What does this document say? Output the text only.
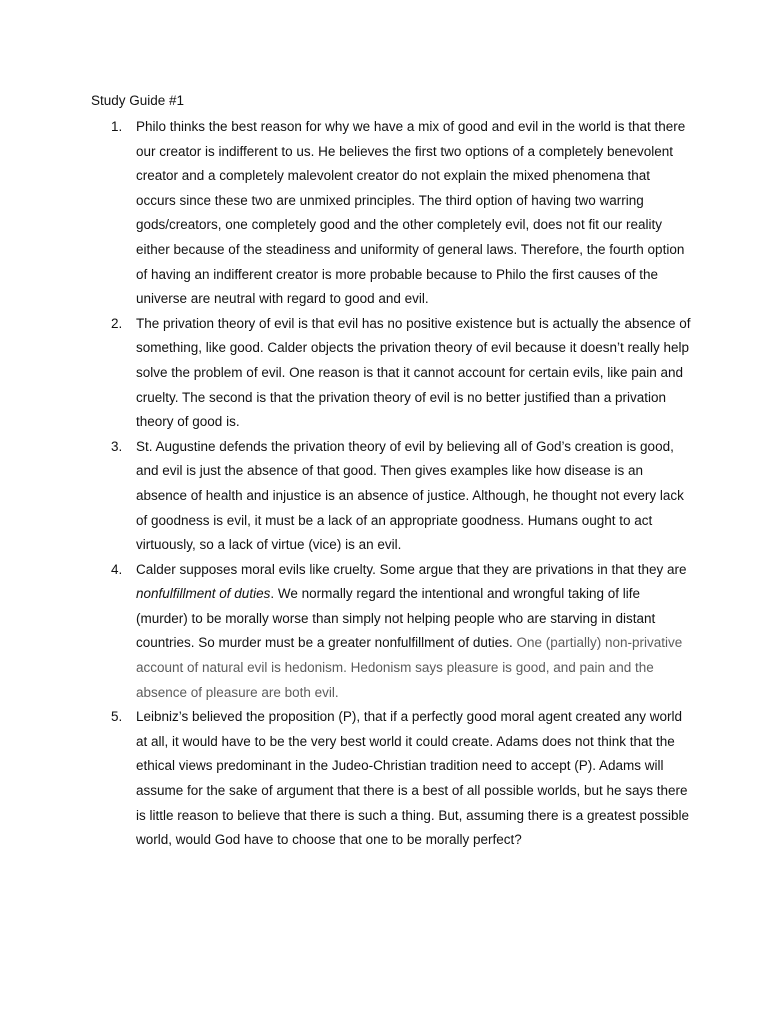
Study Guide #1
1. Philo thinks the best reason for why we have a mix of good and evil in the world is that there our creator is indifferent to us. He believes the first two options of a completely benevolent creator and a completely malevolent creator do not explain the mixed phenomena that occurs since these two are unmixed principles. The third option of having two warring gods/creators, one completely good and the other completely evil, does not fit our reality either because of the steadiness and uniformity of general laws. Therefore, the fourth option of having an indifferent creator is more probable because to Philo the first causes of the universe are neutral with regard to good and evil.
2. The privation theory of evil is that evil has no positive existence but is actually the absence of something, like good. Calder objects the privation theory of evil because it doesn’t really help solve the problem of evil. One reason is that it cannot account for certain evils, like pain and cruelty. The second is that the privation theory of evil is no better justified than a privation theory of good is.
3. St. Augustine defends the privation theory of evil by believing all of God’s creation is good, and evil is just the absence of that good. Then gives examples like how disease is an absence of health and injustice is an absence of justice. Although, he thought not every lack of goodness is evil, it must be a lack of an appropriate goodness. Humans ought to act virtuously, so a lack of virtue (vice) is an evil.
4. Calder supposes moral evils like cruelty. Some argue that they are privations in that they are nonfulfillment of duties. We normally regard the intentional and wrongful taking of life (murder) to be morally worse than simply not helping people who are starving in distant countries. So murder must be a greater nonfulfillment of duties. One (partially) non-privative account of natural evil is hedonism. Hedonism says pleasure is good, and pain and the absence of pleasure are both evil.
5. Leibniz’s believed the proposition (P), that if a perfectly good moral agent created any world at all, it would have to be the very best world it could create. Adams does not think that the ethical views predominant in the Judeo-Christian tradition need to accept (P). Adams will assume for the sake of argument that there is a best of all possible worlds, but he says there is little reason to believe that there is such a thing. But, assuming there is a greatest possible world, would God have to choose that one to be morally perfect?
